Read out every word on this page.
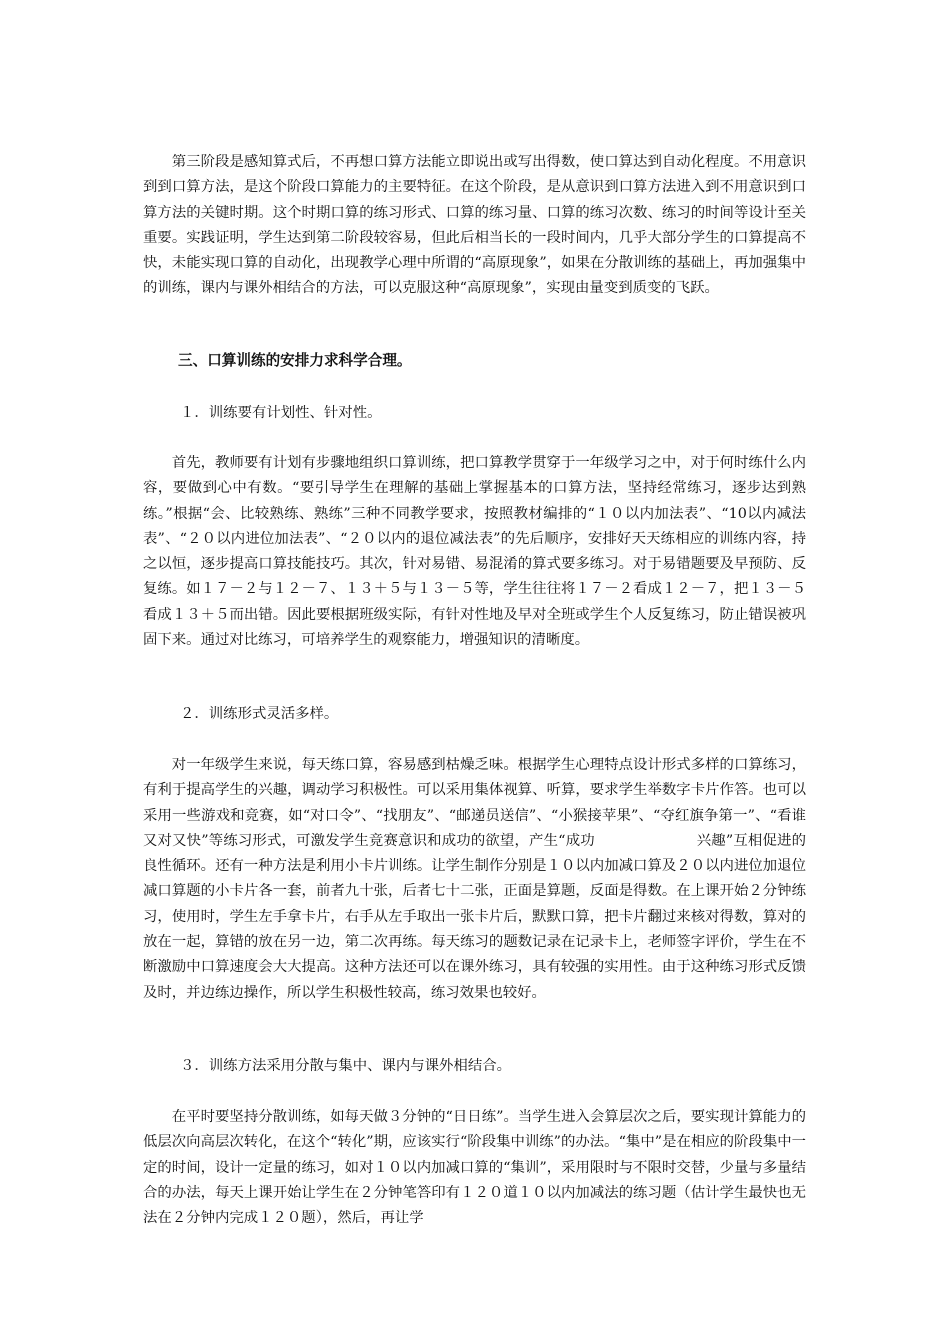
第三阶段是感知算式后，不再想口算方法能立即说出或写出得数，使口算达到自动化程度。不用意识到到口算方法，是这个阶段口算能力的主要特征。在这个阶段，是从意识到口算方法进入到不用意识到口算方法的关键时期。这个时期口算的练习形式、口算的练习量、口算的练习次数、练习的时间等设计至关重要。实践证明，学生达到第二阶段较容易，但此后相当长的一段时间内，几乎大部分学生的口算提高不快，未能实现口算的自动化，出现教学心理中所谓的“高原现象”，如果在分散训练的基础上，再加强集中的训练，课内与课外相结合的方法，可以克服这种“高原现象”，实现由量变到质变的飞跃。

三、口算训练的安排力求科学合理。

１．训练要有计划性、针对性。

首先，教师要有计划有步骤地组织口算训练，把口算教学贯穿于一年级学习之中，对于何时练什么内容，要做到心中有数。“要引导学生在理解的基础上掌握基本的口算方法，坚持经常练习，逐步达到熟练。”根据“会、比较熟练、熟练”三种不同教学要求，按照教材编排的“１０以内加法表”、“10以内减法表”、“２０以内进位加法表”、“２０以内的退位减法表”的先后顺序，安排好天天练相应的训练内容，持之以恒，逐步提高口算技能技巧。其次，针对易错、易混淆的算式要多练习。对于易错题要及早预防、反复练。如１７－２与１２－７、１３＋５与１３－５等，学生往往将１７－２看成１２－７，把１３－５看成１３＋５而出错。因此要根据班级实际，有针对性地及早对全班或学生个人反复练习，防止错误被巩固下来。通过对比练习，可培养学生的观察能力，增强知识的清晰度。

２．训练形式灵活多样。

对一年级学生来说，每天练口算，容易感到枯燥乏味。根据学生心理特点设计形式多样的口算练习，有利于提高学生的兴趣，调动学习积极性。可以采用集体视算、听算，要求学生举数字卡片作答。也可以采用一些游戏和竞赛，如“对口令”、“找朋友”、“邮递员送信”、“小猴接苹果”、“夺红旗争第一”、“看谁又对又快”等练习形式，可激发学生竞赛意识和成功的欲望，产生“成功　　　　　　　兴趣”互相促进的良性循环。还有一种方法是利用小卡片训练。让学生制作分别是１０以内加减口算及２０以内进位加退位减口算题的小卡片各一套，前者九十张，后者七十二张，正面是算题，反面是得数。在上课开始２分钟练习，使用时，学生左手拿卡片，右手从左手取出一张卡片后，默默口算，把卡片翻过来核对得数，算对的放在一起，算错的放在另一边，第二次再练。每天练习的题数记录在记录卡上，老师签字评价，学生在不断激励中口算速度会大大提高。这种方法还可以在课外练习，具有较强的实用性。由于这种练习形式反馈及时，并边练边操作，所以学生积极性较高，练习效果也较好。

３．训练方法采用分散与集中、课内与课外相结合。

在平时要坚持分散训练，如每天做３分钟的“日日练”。当学生进入会算层次之后，要实现计算能力的低层次向高层次转化，在这个“转化”期，应该实行“阶段集中训练”的办法。“集中”是在相应的阶段集中一定的时间，设计一定量的练习，如对１０以内加减口算的“集训”，采用限时与不限时交替，少量与多量结合的办法，每天上课开始让学生在２分钟笔答印有１２０道１０以内加减法的练习题（估计学生最快也无法在２分钟内完成１２０题），然后，再让学
